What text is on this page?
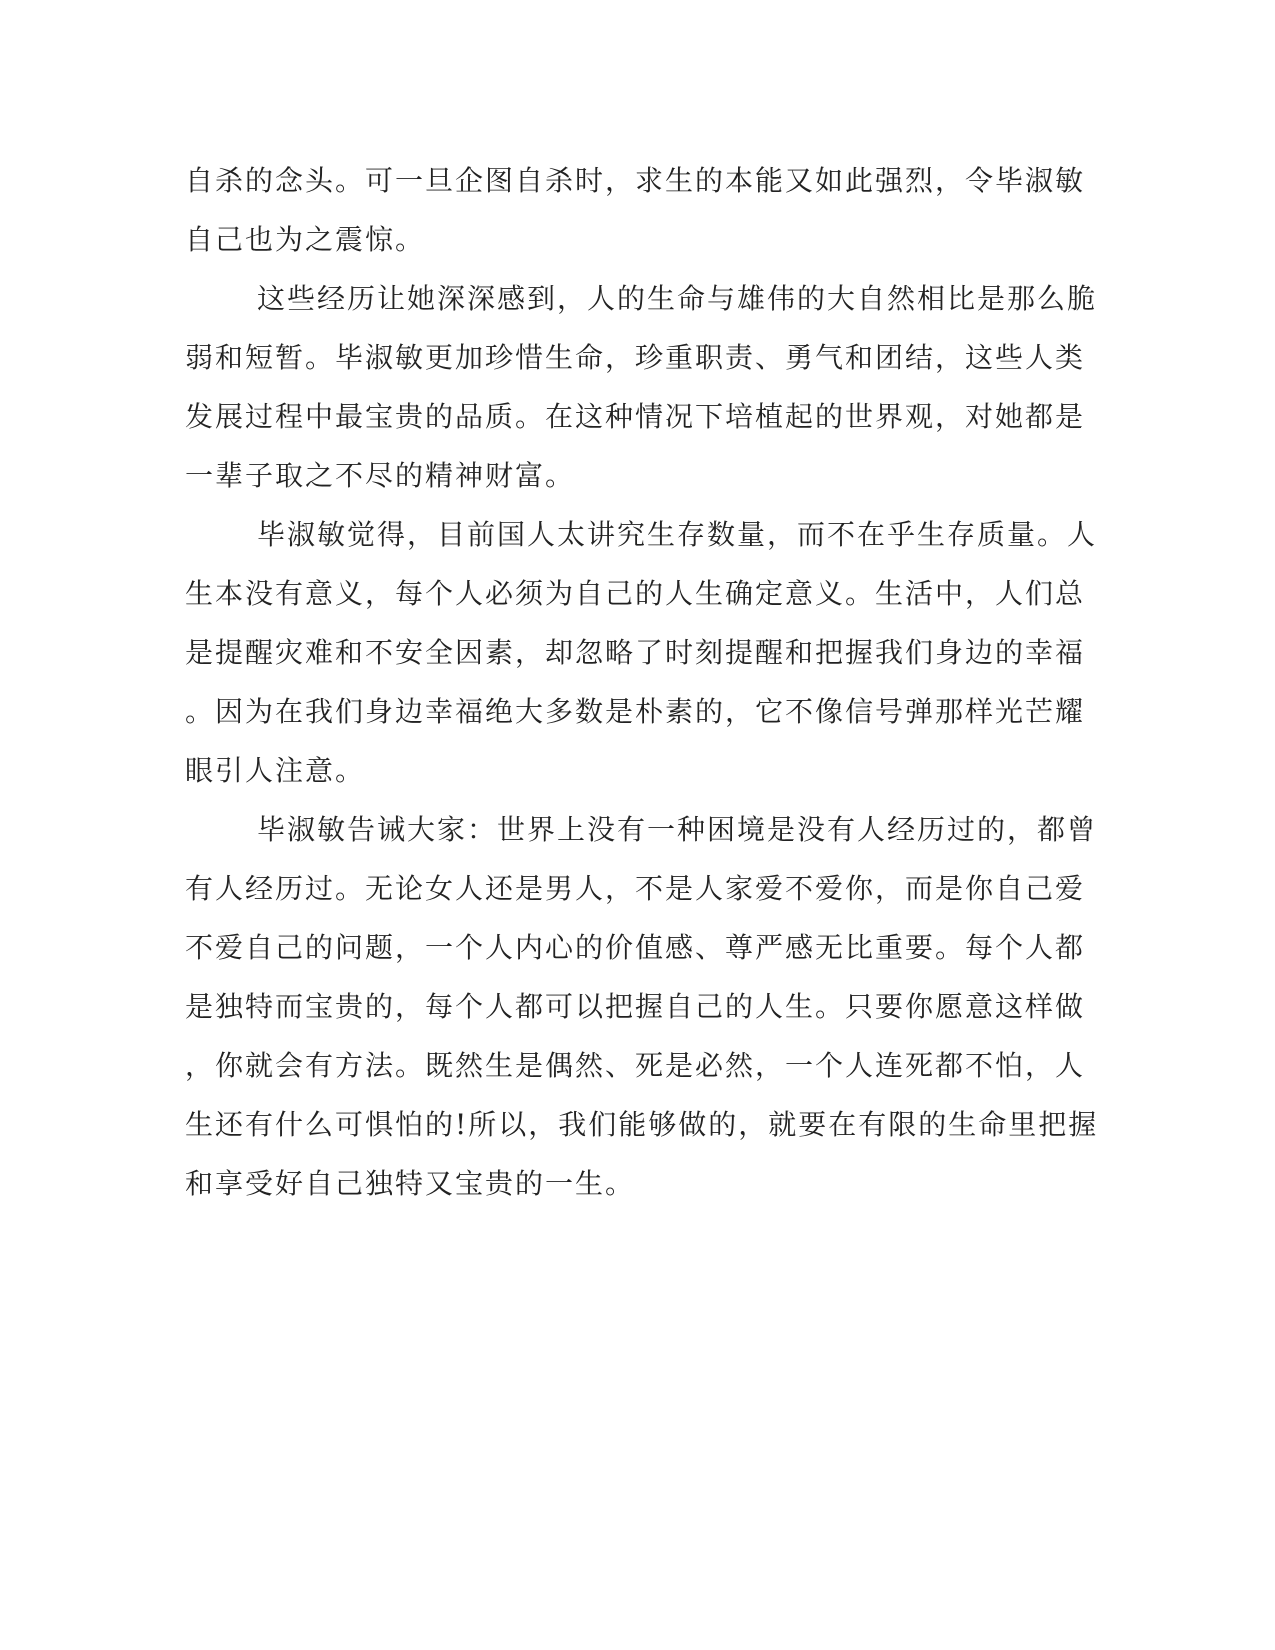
自杀的念头。可一旦企图自杀时，求生的本能又如此强烈，令毕淑敏
自己也为之震惊。
这些经历让她深深感到，人的生命与雄伟的大自然相比是那么脆
弱和短暂。毕淑敏更加珍惜生命，珍重职责、勇气和团结，这些人类
发展过程中最宝贵的品质。在这种情况下培植起的世界观，对她都是
一辈子取之不尽的精神财富。
毕淑敏觉得，目前国人太讲究生存数量，而不在乎生存质量。人
生本没有意义，每个人必须为自己的人生确定意义。生活中，人们总
是提醒灾难和不安全因素，却忽略了时刻提醒和把握我们身边的幸福
。因为在我们身边幸福绝大多数是朴素的，它不像信号弹那样光芒耀
眼引人注意。
毕淑敏告诫大家：世界上没有一种困境是没有人经历过的，都曾
有人经历过。无论女人还是男人，不是人家爱不爱你，而是你自己爱
不爱自己的问题，一个人内心的价值感、尊严感无比重要。每个人都
是独特而宝贵的，每个人都可以把握自己的人生。只要你愿意这样做
，你就会有方法。既然生是偶然、死是必然，一个人连死都不怕，人
生还有什么可惧怕的!所以，我们能够做的，就要在有限的生命里把握
和享受好自己独特又宝贵的一生。
